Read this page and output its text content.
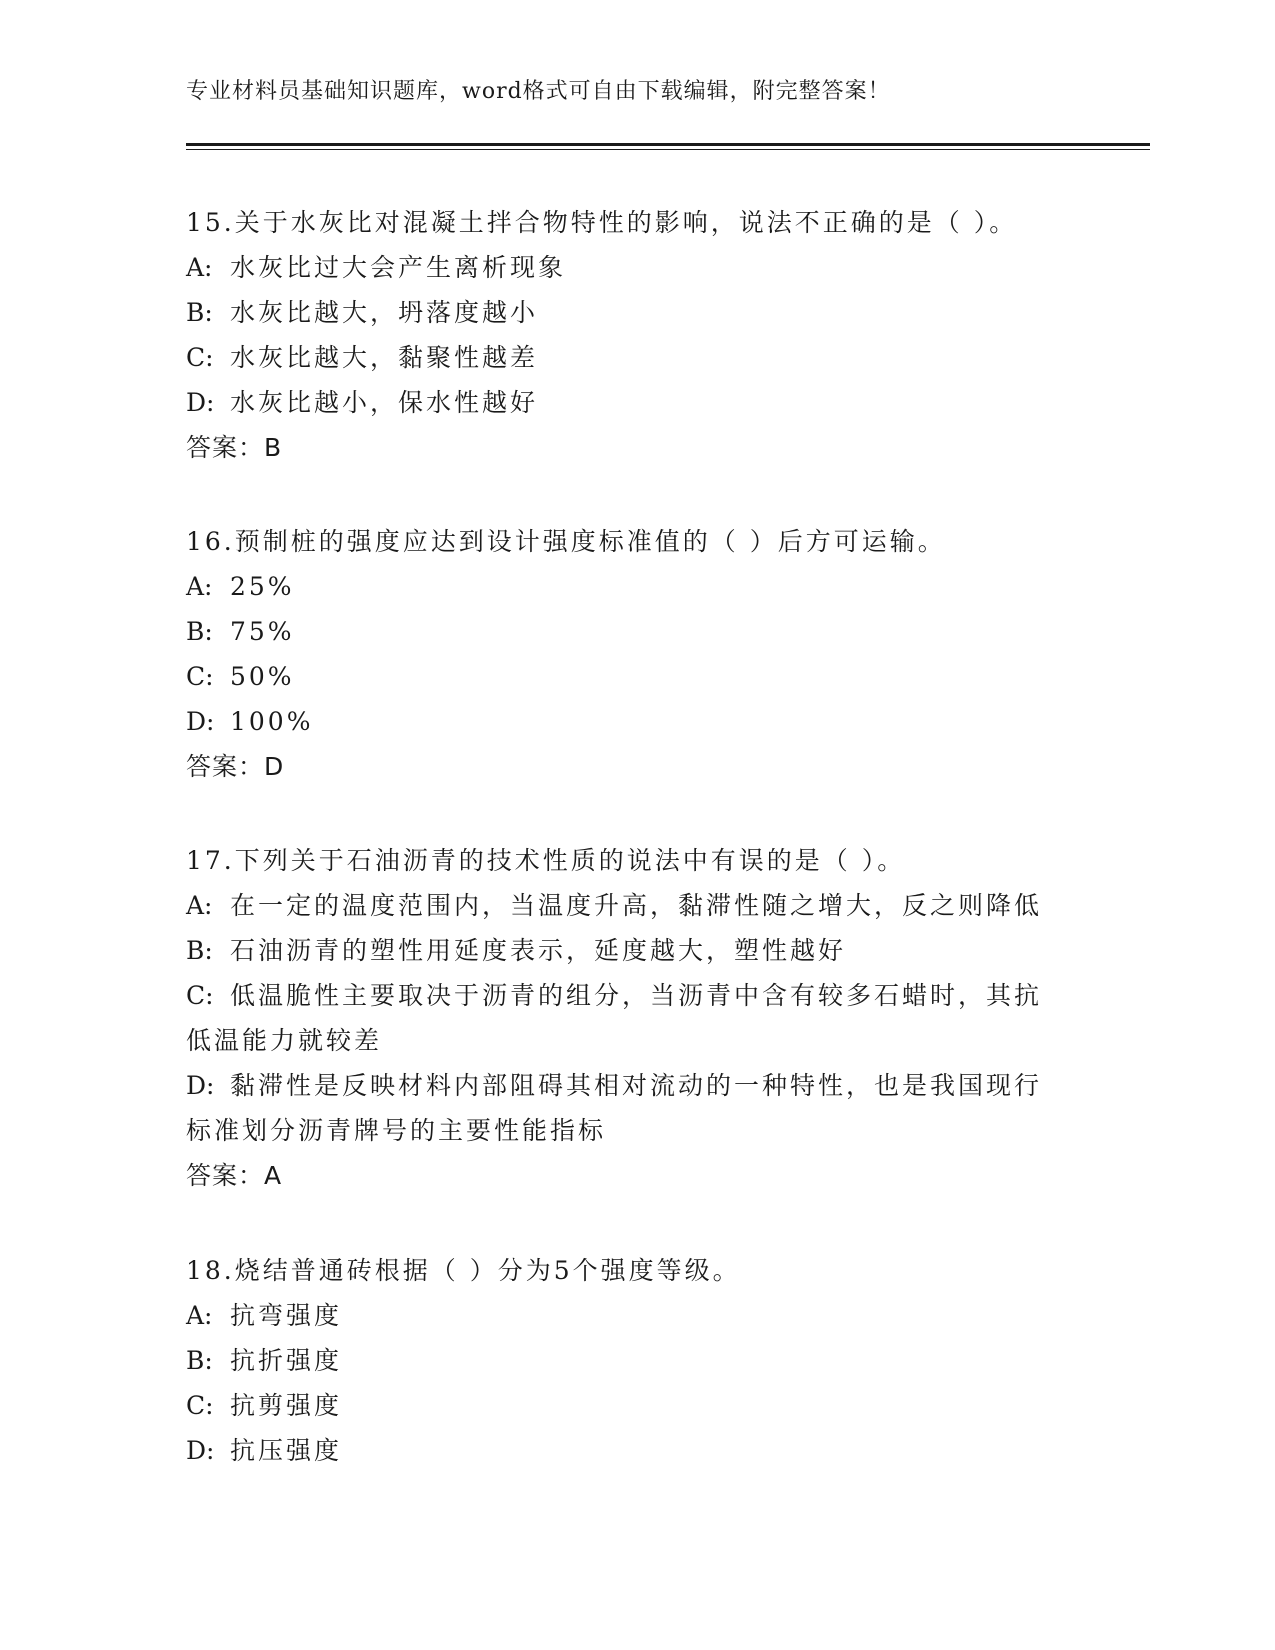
专业材料员基础知识题库，word格式可自由下载编辑，附完整答案！
15.关于水灰比对混凝土拌合物特性的影响，说法不正确的是（ ）。
A: 水灰比过大会产生离析现象
B: 水灰比越大，坍落度越小
C: 水灰比越大，黏聚性越差
D: 水灰比越小，保水性越好
答案：B
16.预制桩的强度应达到设计强度标准值的（ ）后方可运输。
A: 25%
B: 75%
C: 50%
D: 100%
答案：D
17.下列关于石油沥青的技术性质的说法中有误的是（ ）。
A: 在一定的温度范围内，当温度升高，黏滞性随之增大，反之则降低
B: 石油沥青的塑性用延度表示，延度越大，塑性越好
C: 低温脆性主要取决于沥青的组分，当沥青中含有较多石蜡时，其抗
低温能力就较差
D: 黏滞性是反映材料内部阻碍其相对流动的一种特性，也是我国现行
标准划分沥青牌号的主要性能指标
答案：A
18.烧结普通砖根据（ ）分为5个强度等级。
A: 抗弯强度
B: 抗折强度
C: 抗剪强度
D: 抗压强度
